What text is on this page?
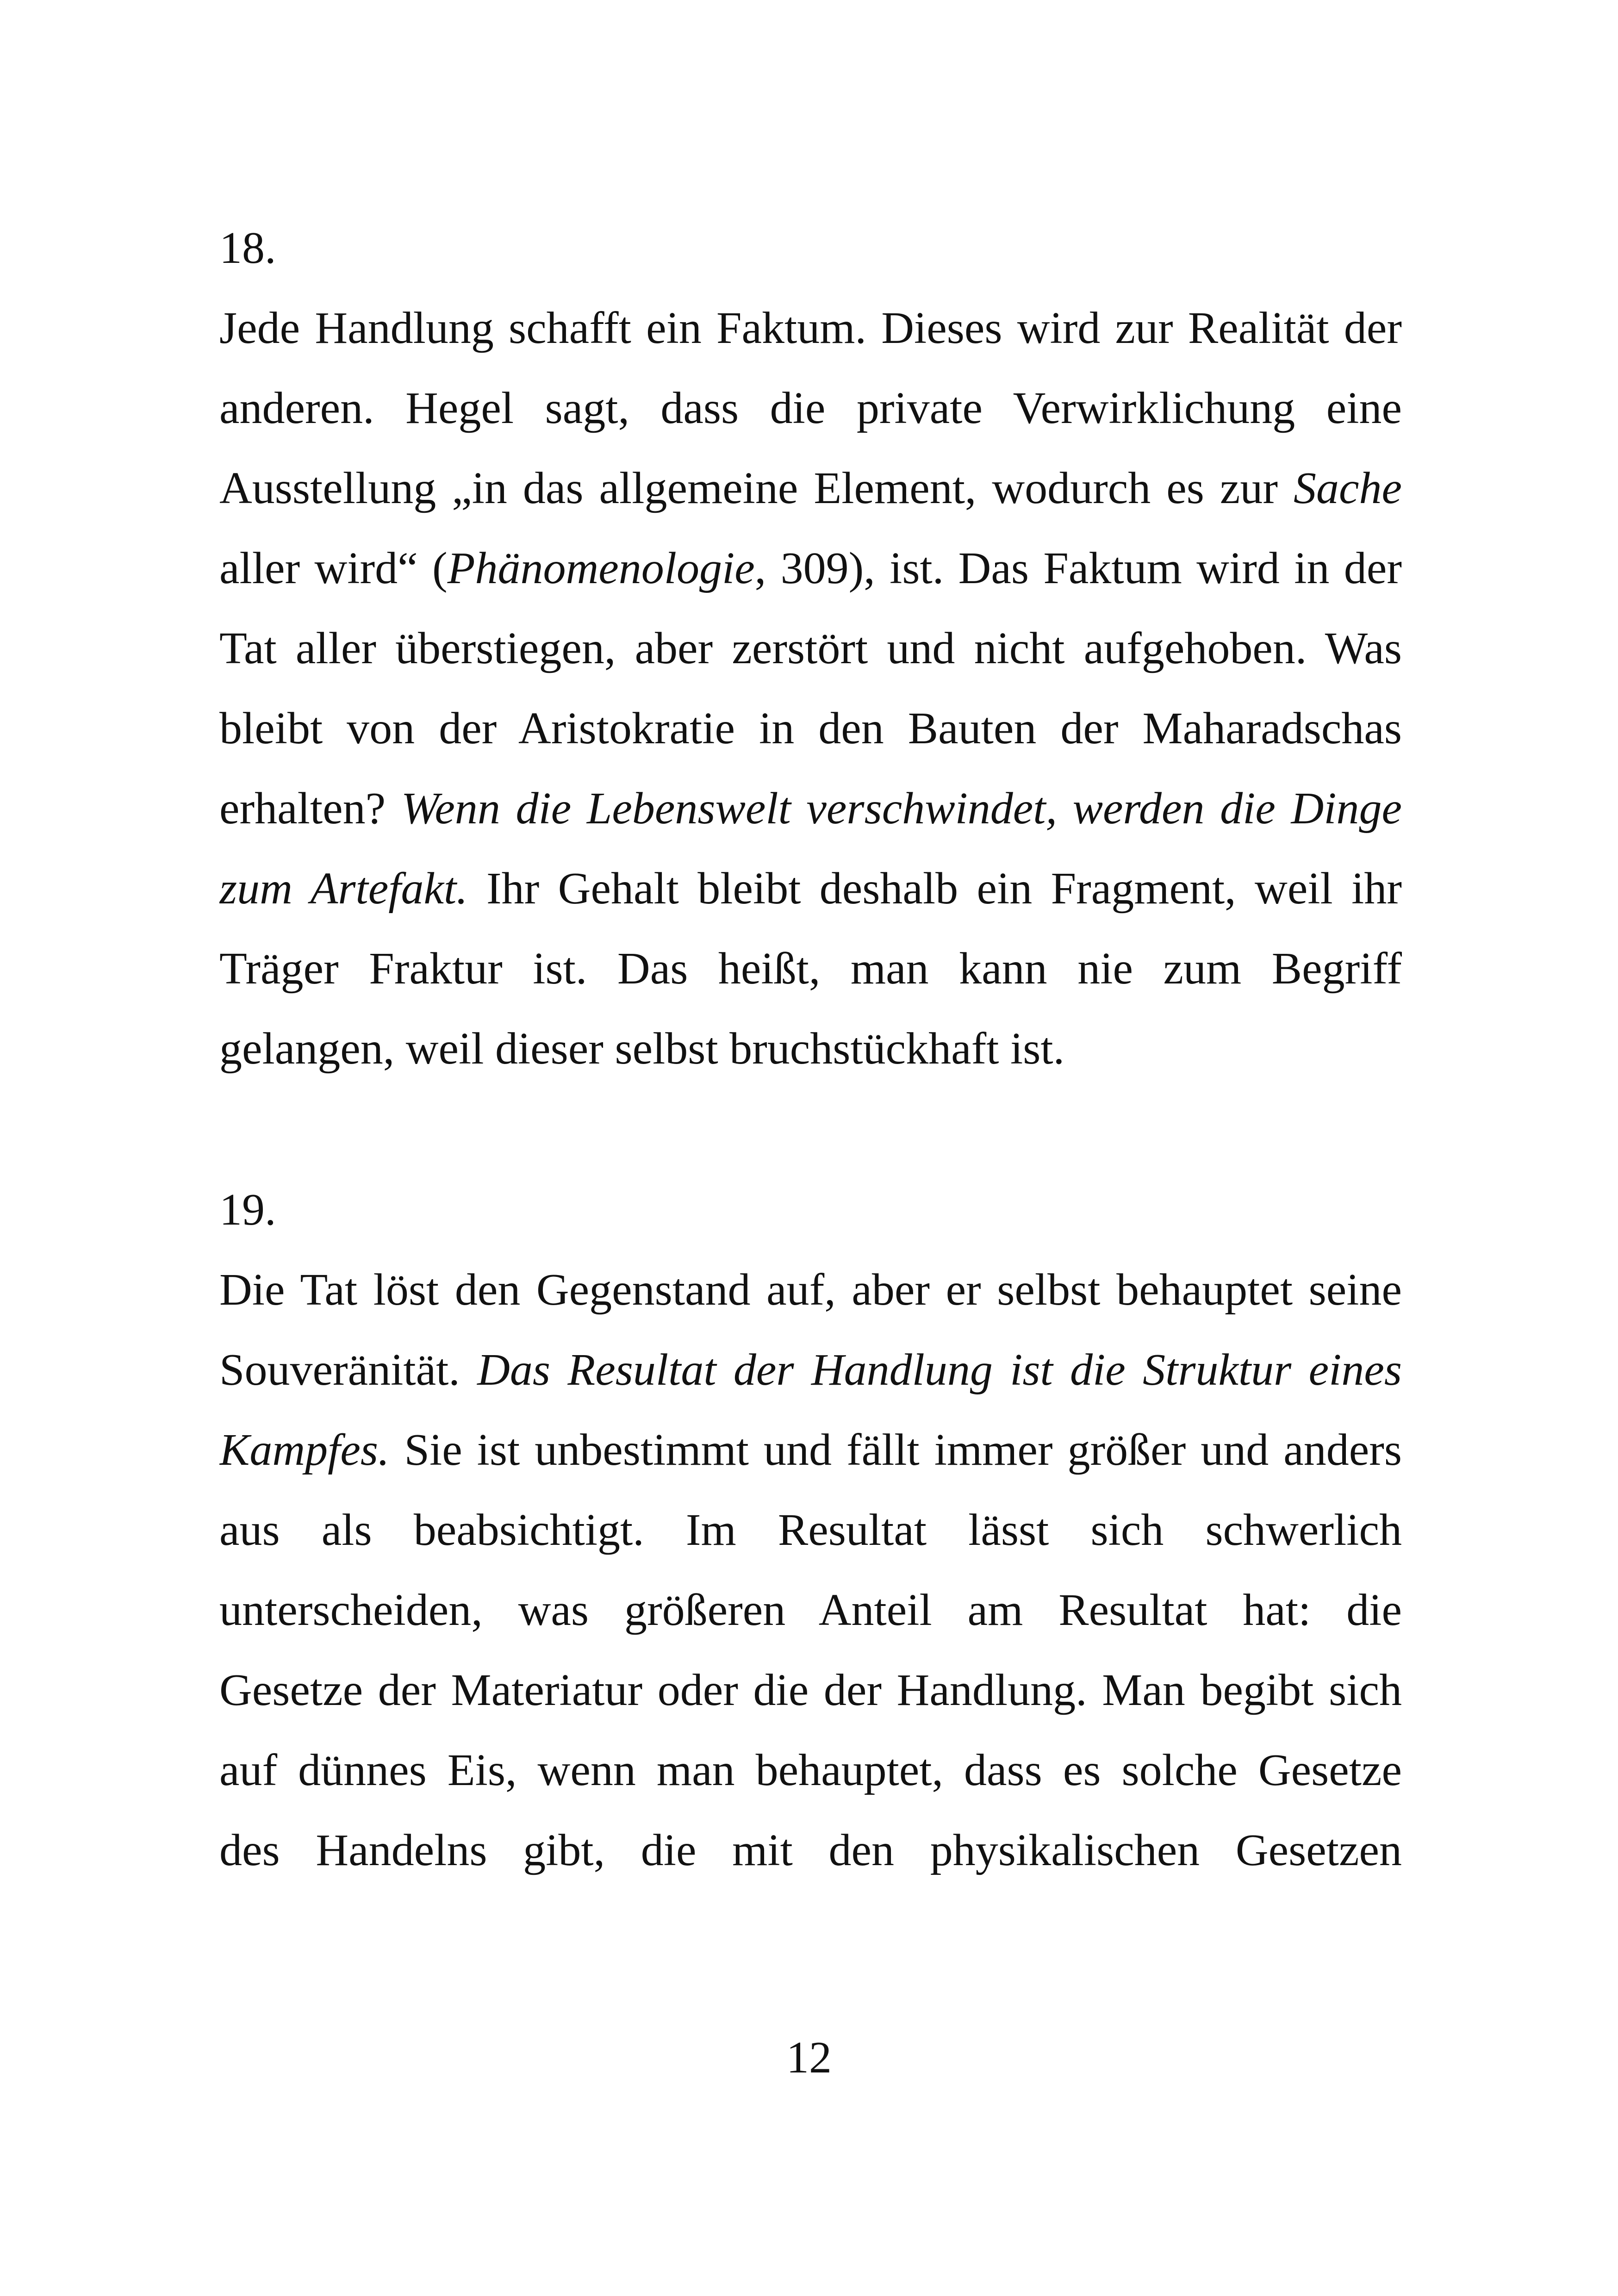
18.
Jede Handlung schafft ein Faktum. Dieses wird zur Realität der
anderen. Hegel sagt, dass die private Verwirklichung eine
Ausstellung „in das allgemeine Element, wodurch es zur Sache
aller wird“ (Phänomenologie, 309), ist. Das Faktum wird in der
Tat aller überstiegen, aber zerstört und nicht aufgehoben. Was
bleibt von der Aristokratie in den Bauten der Maharadschas
erhalten? Wenn die Lebenswelt verschwindet, werden die Dinge
zum Artefakt. Ihr Gehalt bleibt deshalb ein Fragment, weil ihr
Träger Fraktur ist. Das heißt, man kann nie zum Begriff
gelangen, weil dieser selbst bruchstückhaft ist.
19.
Die Tat löst den Gegenstand auf, aber er selbst behauptet seine
Souveränität. Das Resultat der Handlung ist die Struktur eines
Kampfes. Sie ist unbestimmt und fällt immer größer und anders
aus als beabsichtigt. Im Resultat lässt sich schwerlich
unterscheiden, was größeren Anteil am Resultat hat: die
Gesetze der Materiatur oder die der Handlung. Man begibt sich
auf dünnes Eis, wenn man behauptet, dass es solche Gesetze
des Handelns gibt, die mit den physikalischen Gesetzen
12
